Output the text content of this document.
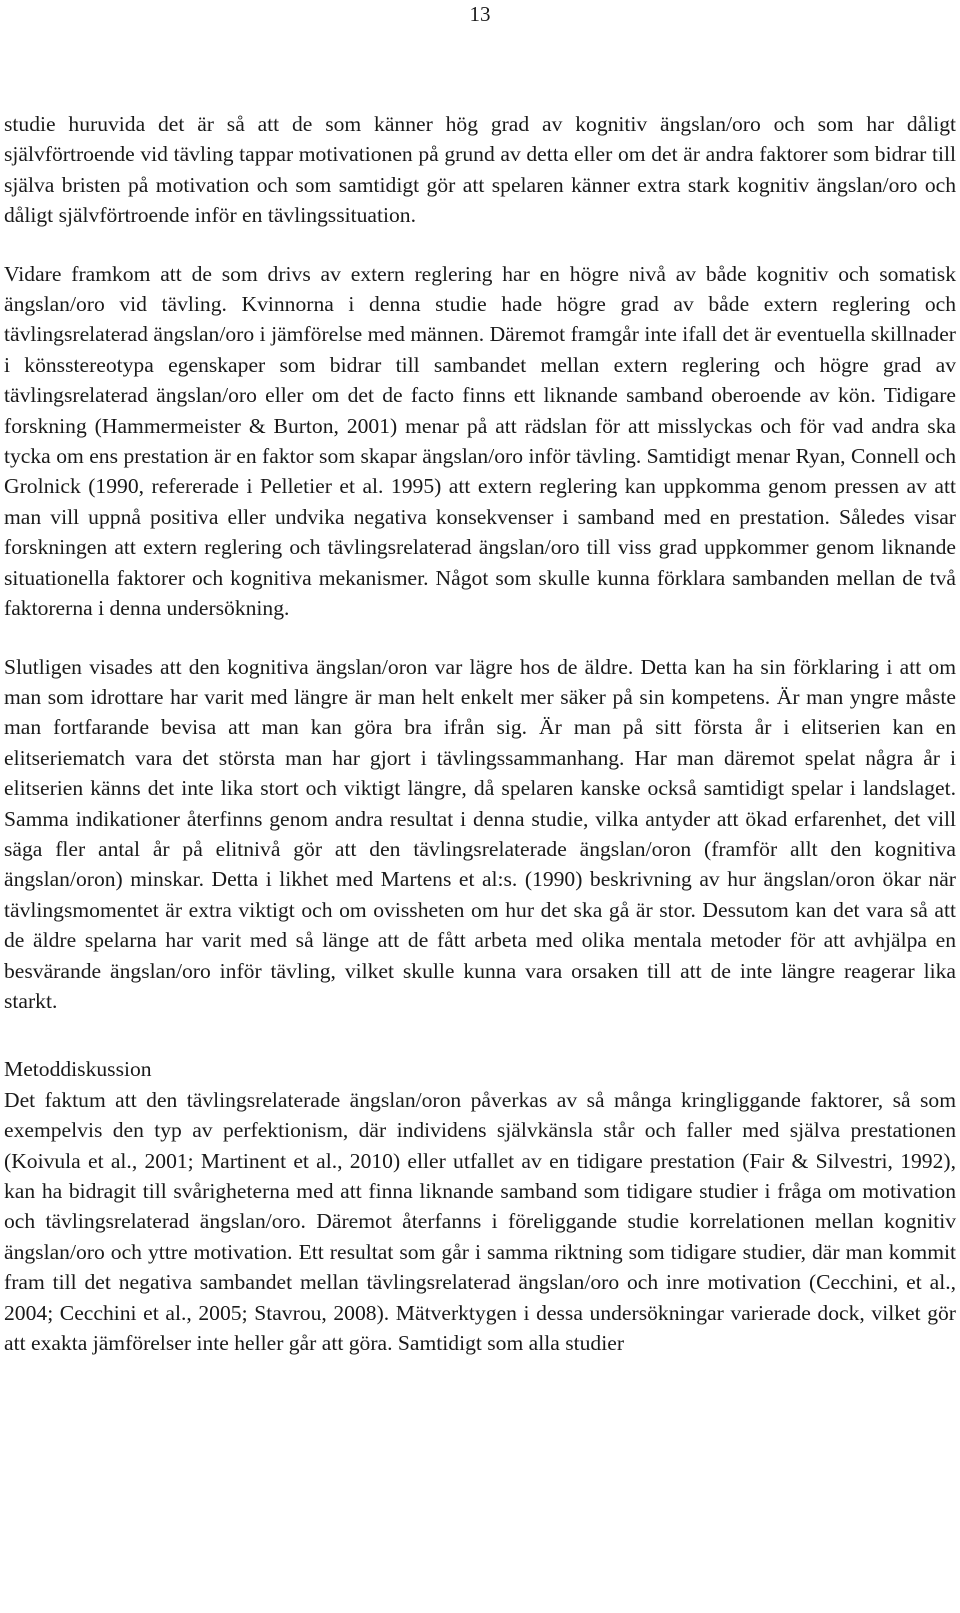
13

studie huruvida det är så att de som känner hög grad av kognitiv ängslan/oro och som har dåligt självförtroende vid tävling tappar motivationen på grund av detta eller om det är andra faktorer som bidrar till själva bristen på motivation och som samtidigt gör att spelaren känner extra stark kognitiv ängslan/oro och dåligt självförtroende inför en tävlingssituation.

Vidare framkom att de som drivs av extern reglering har en högre nivå av både kognitiv och somatisk ängslan/oro vid tävling. Kvinnorna i denna studie hade högre grad av både extern reglering och tävlingsrelaterad ängslan/oro i jämförelse med männen. Däremot framgår inte ifall det är eventuella skillnader i könsstereotypa egenskaper som bidrar till sambandet mellan extern reglering och högre grad av tävlingsrelaterad ängslan/oro eller om det de facto finns ett liknande samband oberoende av kön. Tidigare forskning (Hammermeister & Burton, 2001) menar på att rädslan för att misslyckas och för vad andra ska tycka om ens prestation är en faktor som skapar ängslan/oro inför tävling. Samtidigt menar Ryan, Connell och Grolnick (1990, refererade i Pelletier et al. 1995) att extern reglering kan uppkomma genom pressen av att man vill uppnå positiva eller undvika negativa konsekvenser i samband med en prestation. Således visar forskningen att extern reglering och tävlingsrelaterad ängslan/oro till viss grad uppkommer genom liknande situationella faktorer och kognitiva mekanismer. Något som skulle kunna förklara sambanden mellan de två faktorerna i denna undersökning.

Slutligen visades att den kognitiva ängslan/oron var lägre hos de äldre. Detta kan ha sin förklaring i att om man som idrottare har varit med längre är man helt enkelt mer säker på sin kompetens. Är man yngre måste man fortfarande bevisa att man kan göra bra ifrån sig. Är man på sitt första år i elitserien kan en elitseriematch vara det största man har gjort i tävlingssammanhang. Har man däremot spelat några år i elitserien känns det inte lika stort och viktigt längre, då spelaren kanske också samtidigt spelar i landslaget. Samma indikationer återfinns genom andra resultat i denna studie, vilka antyder att ökad erfarenhet, det vill säga fler antal år på elitnivå gör att den tävlingsrelaterade ängslan/oron (framför allt den kognitiva ängslan/oron) minskar. Detta i likhet med Martens et al:s. (1990) beskrivning av hur ängslan/oron ökar när tävlingsmomentet är extra viktigt och om ovissheten om hur det ska gå är stor. Dessutom kan det vara så att de äldre spelarna har varit med så länge att de fått arbeta med olika mentala metoder för att avhjälpa en besvärande ängslan/oro inför tävling, vilket skulle kunna vara orsaken till att de inte längre reagerar lika starkt.

Metoddiskussion

Det faktum att den tävlingsrelaterade ängslan/oron påverkas av så många kringliggande faktorer, så som exempelvis den typ av perfektionism, där individens självkänsla står och faller med själva prestationen (Koivula et al., 2001; Martinent et al., 2010) eller utfallet av en tidigare prestation (Fair & Silvestri, 1992), kan ha bidragit till svårigheterna med att finna liknande samband som tidigare studier i fråga om motivation och tävlingsrelaterad ängslan/oro. Däremot återfanns i föreliggande studie korrelationen mellan kognitiv ängslan/oro och yttre motivation. Ett resultat som går i samma riktning som tidigare studier, där man kommit fram till det negativa sambandet mellan tävlingsrelaterad ängslan/oro och inre motivation (Cecchini, et al., 2004; Cecchini et al., 2005; Stavrou, 2008). Mätverktygen i dessa undersökningar varierade dock, vilket gör att exakta jämförelser inte heller går att göra. Samtidigt som alla studier
